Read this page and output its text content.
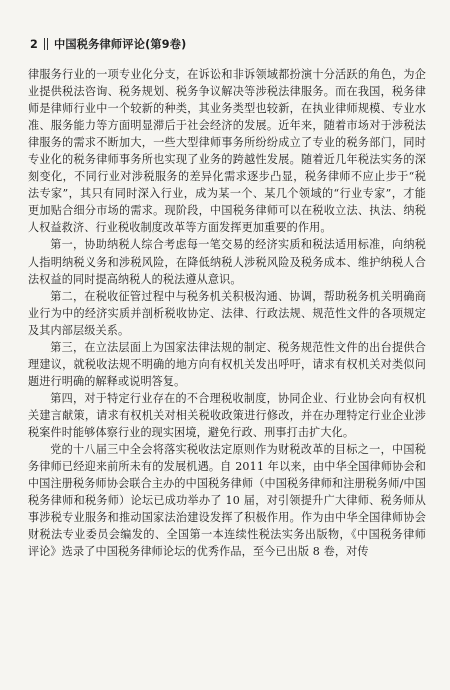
2 中国税务律师评论(第9卷)

律服务行业的一项专业化分支，在诉讼和非诉领域都扮演十分活跃的角色，为企业提供税法咨询、税务规划、税务争议解决等涉税法律服务。而在我国，税务律师是律师行业中一个较新的种类，其业务类型也较新，在执业律师规模、专业水准、服务能力等方面明显滞后于社会经济的发展。近年来，随着市场对于涉税法律服务的需求不断加大，一些大型律师事务所纷纷成立了专业的税务部门，同时专业化的税务律师事务所也实现了业务的跨越性发展。随着近几年税法实务的深刻变化，不同行业对涉税服务的差异化需求逐步凸显，税务律师不应止步于“税法专家”，其只有同时深入行业，成为某一个、某几个领域的“行业专家”，才能更加贴合细分市场的需求。现阶段，中国税务律师可以在税收立法、执法、纳税人权益救济、行业税收制度改革等方面发挥更加重要的作用。

第一，协助纳税人综合考虑每一笔交易的经济实质和税法适用标准，向纳税人指明纳税义务和涉税风险，在降低纳税人涉税风险及税务成本、维护纳税人合法权益的同时提高纳税人的税法遵从意识。

第二，在税收征管过程中与税务机关积极沟通、协调，帮助税务机关明确商业行为中的经济实质并剖析税收协定、法律、行政法规、规范性文件的各项规定及其内部层级关系。

第三，在立法层面上为国家法律法规的制定、税务规范性文件的出台提供合理建议，就税收法规不明确的地方向有权机关发出呼吁，请求有权机关对类似问题进行明确的解释或说明答复。

第四，对于特定行业存在的不合理税收制度，协同企业、行业协会向有权机关建言献策，请求有权机关对相关税收政策进行修改，并在办理特定行业企业涉税案件时能够体察行业的现实困境，避免行政、刑事打击扩大化。

党的十八届三中全会将落实税收法定原则作为财税改革的目标之一，中国税务律师已经迎来前所未有的发展机遇。自 2011 年以来，由中华全国律师协会和中国注册税务师协会联合主办的中国税务律师（中国税务律师和注册税务师/中国税务律师和税务师）论坛已成功举办了 10 届，对引领提升广大律师、税务师从事涉税专业服务和推动国家法治建设发挥了积极作用。作为由中华全国律师协会财税法专业委员会编发的、全国第一本连续性税法实务出版物，《中国税务律师评论》选录了中国税务律师论坛的优秀作品，至今已出版 8 卷，对传
